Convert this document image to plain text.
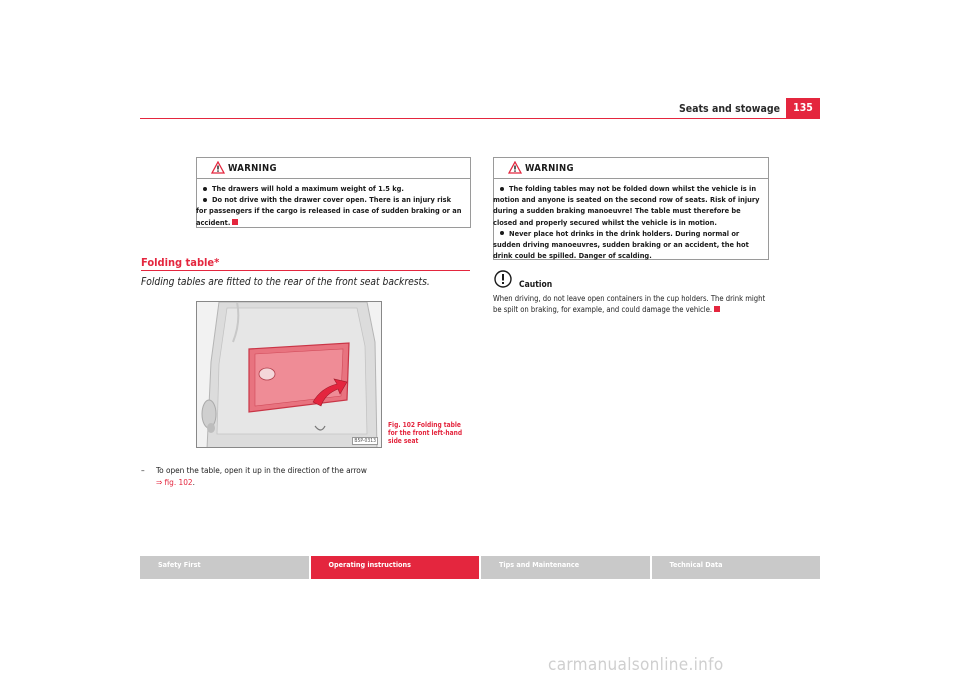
Seats and stowage	135
WARNING

The drawers will hold a maximum weight of 1.5 kg.

Do not drive with the drawer cover open. There is an injury risk for passengers if the cargo is released in case of sudden braking or an accident.

Folding table*
Folding tables are fitted to the rear of the front seat backrests.
B5P-0313
Fig. 102 Folding table for the front left-hand side seat
–	To open the table, open it up in the direction of the arrow
⇒ fig. 102.
WARNING

The folding tables may not be folded down whilst the vehicle is in motion and anyone is seated on the second row of seats. Risk of injury during a sudden braking manoeuvre! The table must therefore be closed and properly secured whilst the vehicle is in motion.

Never place hot drinks in the drink holders. During normal or sudden driving manoeuvres, sudden braking or an accident, the hot drink could be spilled. Danger of scalding.

Caution
When driving, do not leave open containers in the cup holders. The drink might be spilt on braking, for example, and could damage the vehicle.
Safety First	Operating instructions	Tips and Maintenance	Technical Data
carmanualsonline.info
